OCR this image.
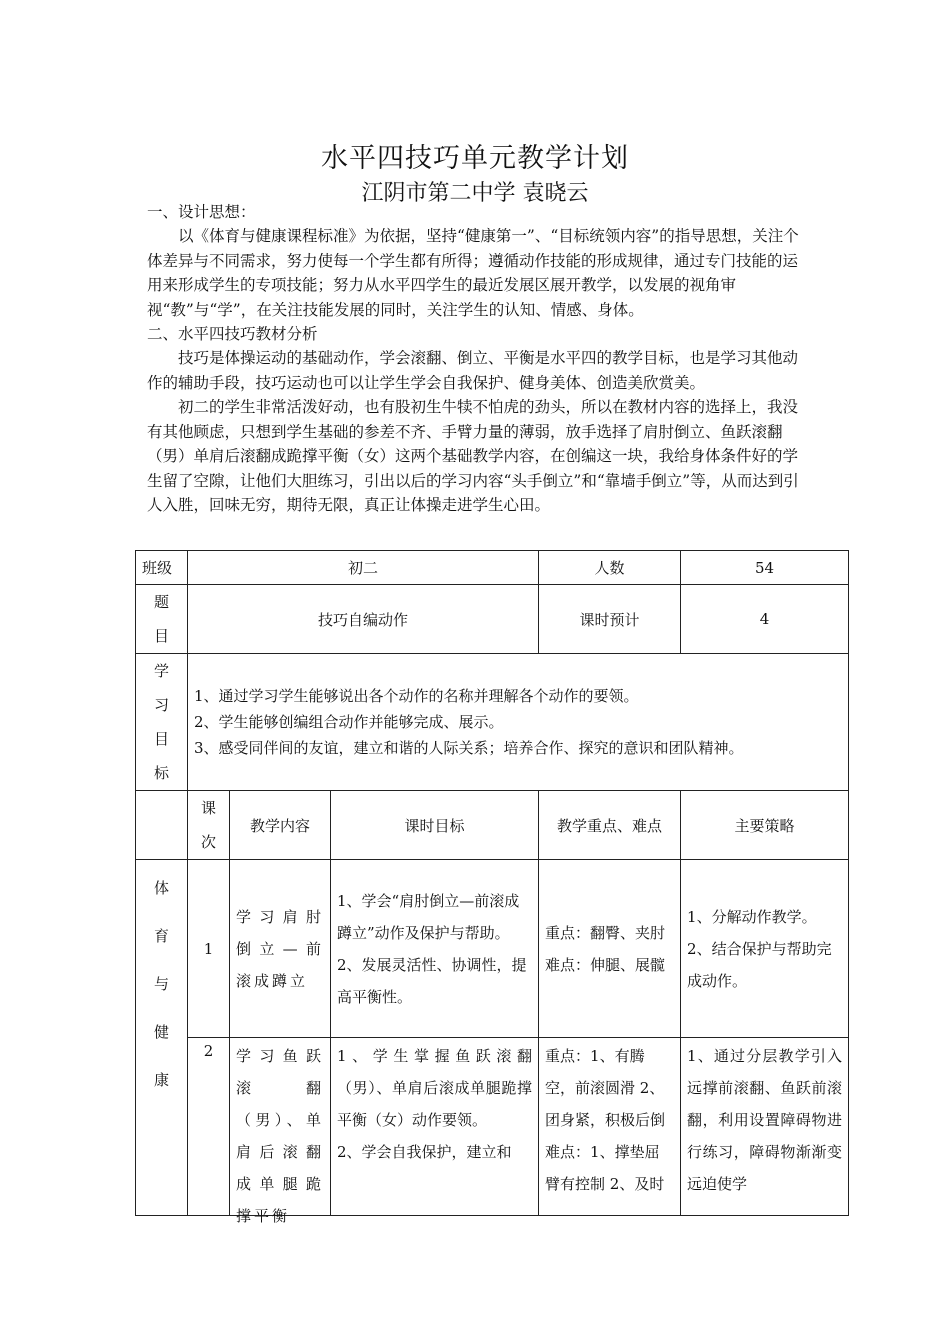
水平四技巧单元教学计划
江阴市第二中学 袁晓云
一、设计思想：

以《体育与健康课程标准》为依据，坚持“健康第一”、“目标统领内容”的指导思想，关注个体差异与不同需求，努力使每一个学生都有所得；遵循动作技能的形成规律，通过专门技能的运用来形成学生的专项技能；努力从水平四学生的最近发展区展开教学，以发展的视角审视“教”与“学”，在关注技能发展的同时，关注学生的认知、情感、身体。

二、水平四技巧教材分析

技巧是体操运动的基础动作，学会滚翻、倒立、平衡是水平四的教学目标，也是学习其他动作的辅助手段，技巧运动也可以让学生学会自我保护、健身美体、创造美欣赏美。

初二的学生非常活泼好动，也有股初生牛犊不怕虎的劲头，所以在教材内容的选择上，我没有其他顾虑，只想到学生基础的参差不齐、手臂力量的薄弱，放手选择了肩肘倒立、鱼跃滚翻（男）单肩后滚翻成跪撑平衡（女）这两个基础教学内容，在创编这一块，我给身体条件好的学生留了空隙，让他们大胆练习，引出以后的学习内容“头手倒立”和“靠墙手倒立”等，从而达到引人入胜，回味无穷，期待无限，真正让体操走进学生心田。

班级	初二			人数	54

题目	技巧自编动作			课时预计	4

学习目标	1、通过学习学生能够说出各个动作的名称并理解各个动作的要领。
2、学生能够创编组合动作并能够完成、展示。
3、感受同伴间的友谊，建立和谐的人际关系；培养合作、探究的意识和团队精神。				

	课次	教学内容	课时目标	教学重点、难点	主要策略

体育与健康	1	学习肩肘倒立—前滚成蹲立	1、学会“肩肘倒立—前滚成蹲立”动作及保护与帮助。
2、发展灵活性、协调性，提高平衡性。	重点：翻臀、夹肘
难点：伸腿、展髋	1、分解动作教学。
2、结合保护与帮助完成动作。
	2	学习鱼跃滚翻（男）、单肩后滚翻成单腿跪撑平衡	1、学生掌握鱼跃滚翻（男）、单肩后滚成单腿跪撑平衡（女）动作要领。
2、学会自我保护，建立和	重点：1、有腾空，前滚圆滑 2、团身紧，积极后倒
难点：1、撑垫屈臂有控制 2、及时	1、通过分层教学引入远撑前滚翻、鱼跃前滚翻，利用设置障碍物进行练习，障碍物渐渐变远迫使学
